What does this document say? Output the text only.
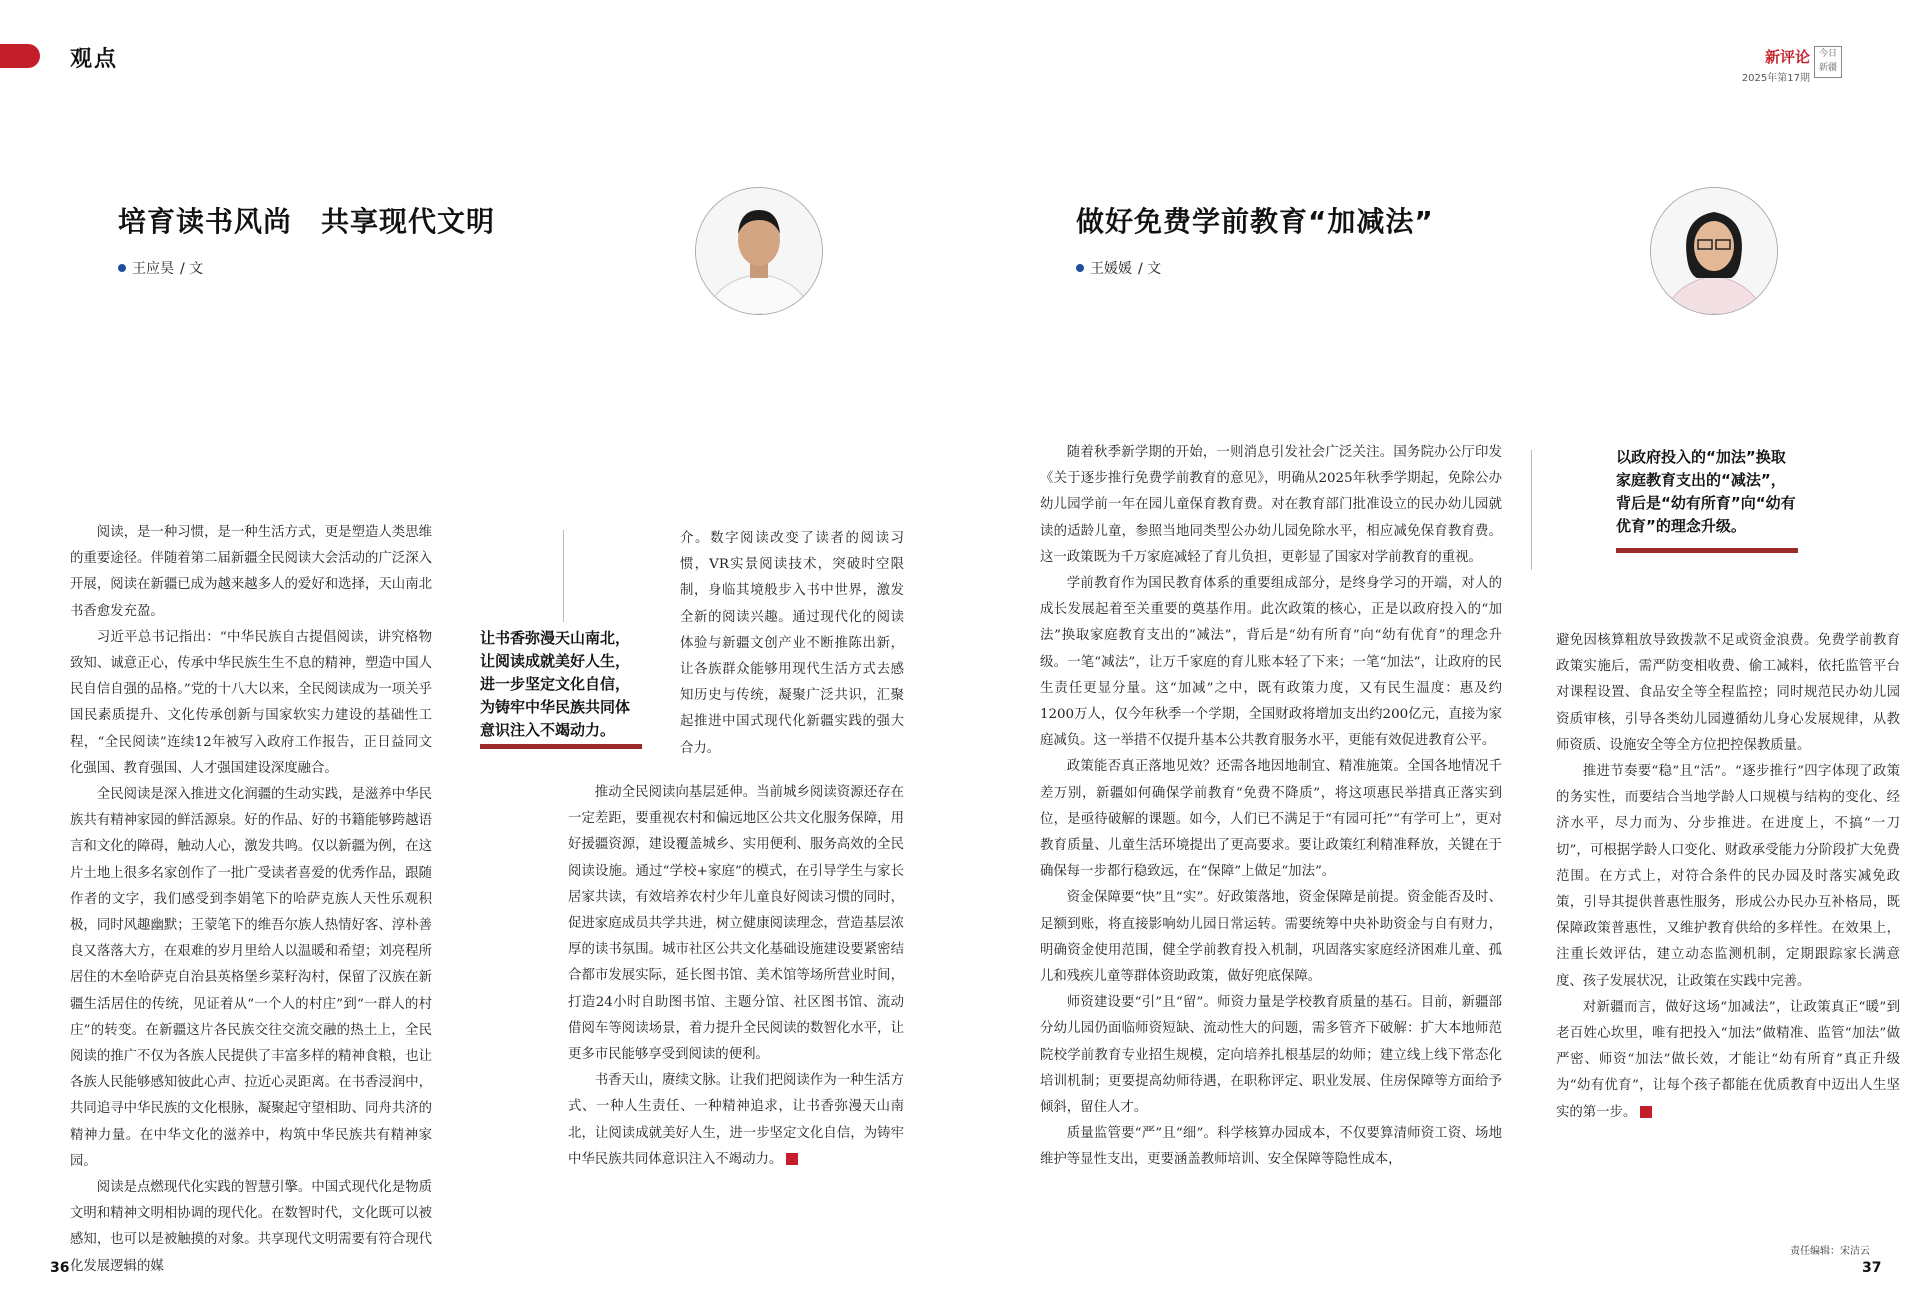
观点	新评论
2025年第17期
今日新疆
培育读书风尚　共享现代文明
王应昊 / 文
做好免费学前教育“加减法”
王媛媛 / 文

阅读，是一种习惯，是一种生活方式，更是塑造人类思维的重要途径。伴随着第二届新疆全民阅读大会活动的广泛深入开展，阅读在新疆已成为越来越多人的爱好和选择，天山南北书香愈发充盈。

习近平总书记指出：“中华民族自古提倡阅读，讲究格物致知、诚意正心，传承中华民族生生不息的精神，塑造中国人民自信自强的品格。”党的十八大以来，全民阅读成为一项关乎国民素质提升、文化传承创新与国家软实力建设的基础性工程，“全民阅读”连续12年被写入政府工作报告，正日益同文化强国、教育强国、人才强国建设深度融合。

全民阅读是深入推进文化润疆的生动实践，是滋养中华民族共有精神家园的鲜活源泉。好的作品、好的书籍能够跨越语言和文化的障碍，触动人心，激发共鸣。仅以新疆为例，在这片土地上很多名家创作了一批广受读者喜爱的优秀作品，跟随作者的文字，我们感受到李娟笔下的哈萨克族人天性乐观积极，同时风趣幽默；王蒙笔下的维吾尔族人热情好客、淳朴善良又落落大方，在艰难的岁月里给人以温暖和希望；刘亮程所居住的木垒哈萨克自治县英格堡乡菜籽沟村，保留了汉族在新疆生活居住的传统，见证着从“一个人的村庄”到“一群人的村庄”的转变。在新疆这片各民族交往交流交融的热土上，全民阅读的推广不仅为各族人民提供了丰富多样的精神食粮，也让各族人民能够感知彼此心声、拉近心灵距离。在书香浸润中，共同追寻中华民族的文化根脉，凝聚起守望相助、同舟共济的精神力量。在中华文化的滋养中，构筑中华民族共有精神家园。

阅读是点燃现代化实践的智慧引擎。中国式现代化是物质文明和精神文明相协调的现代化。在数智时代，文化既可以被感知，也可以是被触摸的对象。共享现代文明需要有符合现代化发展逻辑的媒

让书香弥漫天山南北，让阅读成就美好人生，进一步坚定文化自信，为铸牢中华民族共同体意识注入不竭动力。

介。数字阅读改变了读者的阅读习惯，VR实景阅读技术，突破时空限制，身临其境般步入书中世界，激发全新的阅读兴趣。通过现代化的阅读体验与新疆文创产业不断推陈出新，让各族群众能够用现代生活方式去感知历史与传统，凝聚广泛共识，汇聚起推进中国式现代化新疆实践的强大合力。

推动全民阅读向基层延伸。当前城乡阅读资源还存在一定差距，要重视农村和偏远地区公共文化服务保障，用好援疆资源，建设覆盖城乡、实用便利、服务高效的全民阅读设施。通过“学校+家庭”的模式，在引导学生与家长居家共读，有效培养农村少年儿童良好阅读习惯的同时，促进家庭成员共学共进，树立健康阅读理念，营造基层浓厚的读书氛围。城市社区公共文化基础设施建设要紧密结合都市发展实际，延长图书馆、美术馆等场所营业时间，打造24小时自助图书馆、主题分馆、社区图书馆、流动借阅车等阅读场景，着力提升全民阅读的数智化水平，让更多市民能够享受到阅读的便利。

书香天山，赓续文脉。让我们把阅读作为一种生活方式、一种人生责任、一种精神追求，让书香弥漫天山南北，让阅读成就美好人生，进一步坚定文化自信，为铸牢中华民族共同体意识注入不竭动力。

36

随着秋季新学期的开始，一则消息引发社会广泛关注。国务院办公厅印发《关于逐步推行免费学前教育的意见》，明确从2025年秋季学期起，免除公办幼儿园学前一年在园儿童保育教育费。对在教育部门批准设立的民办幼儿园就读的适龄儿童，参照当地同类型公办幼儿园免除水平，相应减免保育教育费。这一政策既为千万家庭减轻了育儿负担，更彰显了国家对学前教育的重视。

学前教育作为国民教育体系的重要组成部分，是终身学习的开端，对人的成长发展起着至关重要的奠基作用。此次政策的核心，正是以政府投入的“加法”换取家庭教育支出的“减法”，背后是“幼有所育”向“幼有优育”的理念升级。一笔“减法”，让万千家庭的育儿账本轻了下来；一笔“加法”，让政府的民生责任更显分量。这“加减”之中，既有政策力度，又有民生温度：惠及约1200万人，仅今年秋季一个学期，全国财政将增加支出约200亿元，直接为家庭减负。这一举措不仅提升基本公共教育服务水平，更能有效促进教育公平。

政策能否真正落地见效？还需各地因地制宜、精准施策。全国各地情况千差万别，新疆如何确保学前教育“免费不降质”，将这项惠民举措真正落实到位，是亟待破解的课题。如今，人们已不满足于“有园可托”“有学可上”，更对教育质量、儿童生活环境提出了更高要求。要让政策红利精准释放，关键在于确保每一步都行稳致远，在“保障”上做足“加法”。

资金保障要“快”且“实”。好政策落地，资金保障是前提。资金能否及时、足额到账，将直接影响幼儿园日常运转。需要统筹中央补助资金与自有财力，明确资金使用范围，健全学前教育投入机制，巩固落实家庭经济困难儿童、孤儿和残疾儿童等群体资助政策，做好兜底保障。

师资建设要“引”且“留”。师资力量是学校教育质量的基石。目前，新疆部分幼儿园仍面临师资短缺、流动性大的问题，需多管齐下破解：扩大本地师范院校学前教育专业招生规模，定向培养扎根基层的幼师；建立线上线下常态化培训机制；更要提高幼师待遇，在职称评定、职业发展、住房保障等方面给予倾斜，留住人才。

质量监管要“严”且“细”。科学核算办园成本，不仅要算清师资工资、场地维护等显性支出，更要涵盖教师培训、安全保障等隐性成本，

以政府投入的“加法”换取家庭教育支出的“减法”，背后是“幼有所育”向“幼有优育”的理念升级。

避免因核算粗放导致拨款不足或资金浪费。免费学前教育政策实施后，需严防变相收费、偷工减料，依托监管平台对课程设置、食品安全等全程监控；同时规范民办幼儿园资质审核，引导各类幼儿园遵循幼儿身心发展规律，从教师资质、设施安全等全方位把控保教质量。

推进节奏要“稳”且“活”。“逐步推行”四字体现了政策的务实性，而要结合当地学龄人口规模与结构的变化、经济水平，尽力而为、分步推进。在进度上，不搞“一刀切”，可根据学龄人口变化、财政承受能力分阶段扩大免费范围。在方式上，对符合条件的民办园及时落实减免政策，引导其提供普惠性服务，形成公办民办互补格局，既保障政策普惠性，又维护教育供给的多样性。在效果上，注重长效评估，建立动态监测机制，定期跟踪家长满意度、孩子发展状况，让政策在实践中完善。

对新疆而言，做好这场“加减法”，让政策真正“暖”到老百姓心坎里，唯有把投入“加法”做精准、监管“加法”做严密、师资“加法”做长效，才能让“幼有所育”真正升级为“幼有优育”，让每个孩子都能在优质教育中迈出人生坚实的第一步。

责任编辑：宋洁云
37
